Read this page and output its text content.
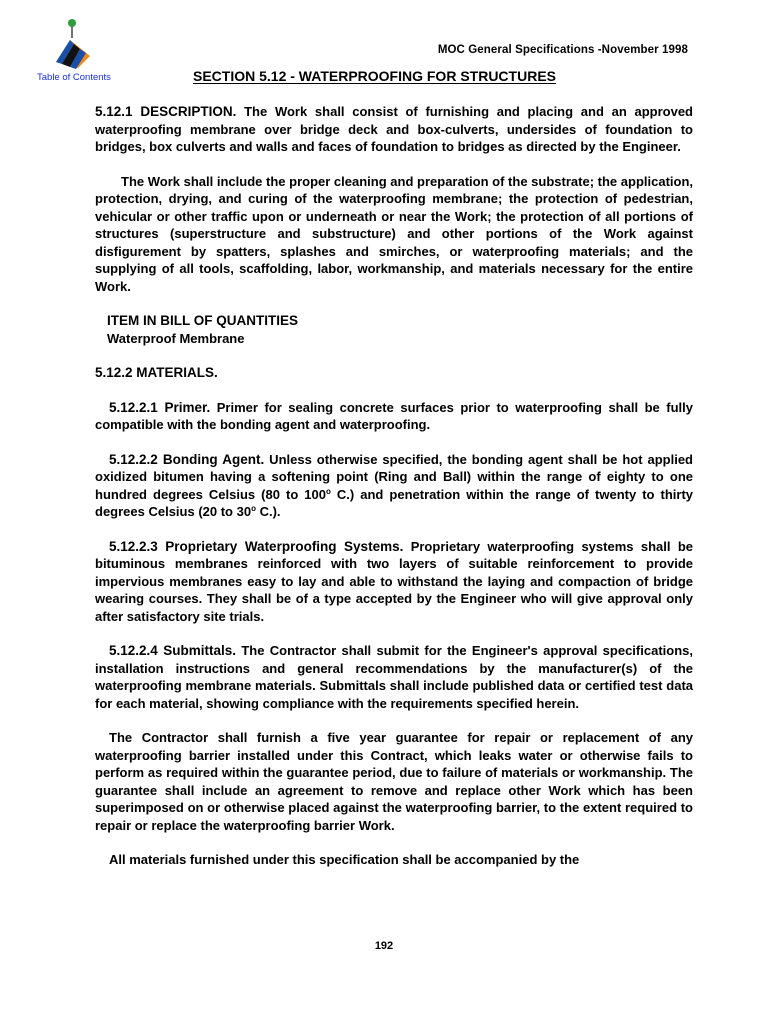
Table of Contents
MOC General Specifications -November 1998
SECTION 5.12 - WATERPROOFING FOR STRUCTURES

5.12.1 DESCRIPTION. The Work shall consist of furnishing and placing and an approved waterproofing membrane over bridge deck and box-culverts, undersides of foundation to bridges, box culverts and walls and faces of foundation to bridges as directed by the Engineer.

The Work shall include the proper cleaning and preparation of the substrate; the application, protection, drying, and curing of the waterproofing membrane; the protection of pedestrian, vehicular or other traffic upon or underneath or near the Work; the protection of all portions of structures (superstructure and substructure) and other portions of the Work against disfigurement by spatters, splashes and smirches, or waterproofing materials; and the supplying of all tools, scaffolding, labor, workmanship, and materials necessary for the entire Work.

ITEM IN BILL OF QUANTITIES
Waterproof Membrane
5.12.2 MATERIALS.

5.12.2.1 Primer. Primer for sealing concrete surfaces prior to waterproofing shall be fully compatible with the bonding agent and waterproofing.

5.12.2.2 Bonding Agent. Unless otherwise specified, the bonding agent shall be hot applied oxidized bitumen having a softening point (Ring and Ball) within the range of eighty to one hundred degrees Celsius (80 to 100$^o$ C.) and penetration within the range of twenty to thirty degrees Celsius (20 to 30$^o$ C.).

5.12.2.3 Proprietary Waterproofing Systems. Proprietary waterproofing systems shall be bituminous membranes reinforced with two layers of suitable reinforcement to provide impervious membranes easy to lay and able to withstand the laying and compaction of bridge wearing courses. They shall be of a type accepted by the Engineer who will give approval only after satisfactory site trials.

5.12.2.4 Submittals. The Contractor shall submit for the Engineer's approval specifications, installation instructions and general recommendations by the manufacturer(s) of the waterproofing membrane materials. Submittals shall include published data or certified test data for each material, showing compliance with the requirements specified herein.

The Contractor shall furnish a five year guarantee for repair or replacement of any waterproofing barrier installed under this Contract, which leaks water or otherwise fails to perform as required within the guarantee period, due to failure of materials or workmanship. The guarantee shall include an agreement to remove and replace other Work which has been superimposed on or otherwise placed against the waterproofing barrier, to the extent required to repair or replace the waterproofing barrier Work.

All materials furnished under this specification shall be accompanied by the

192
